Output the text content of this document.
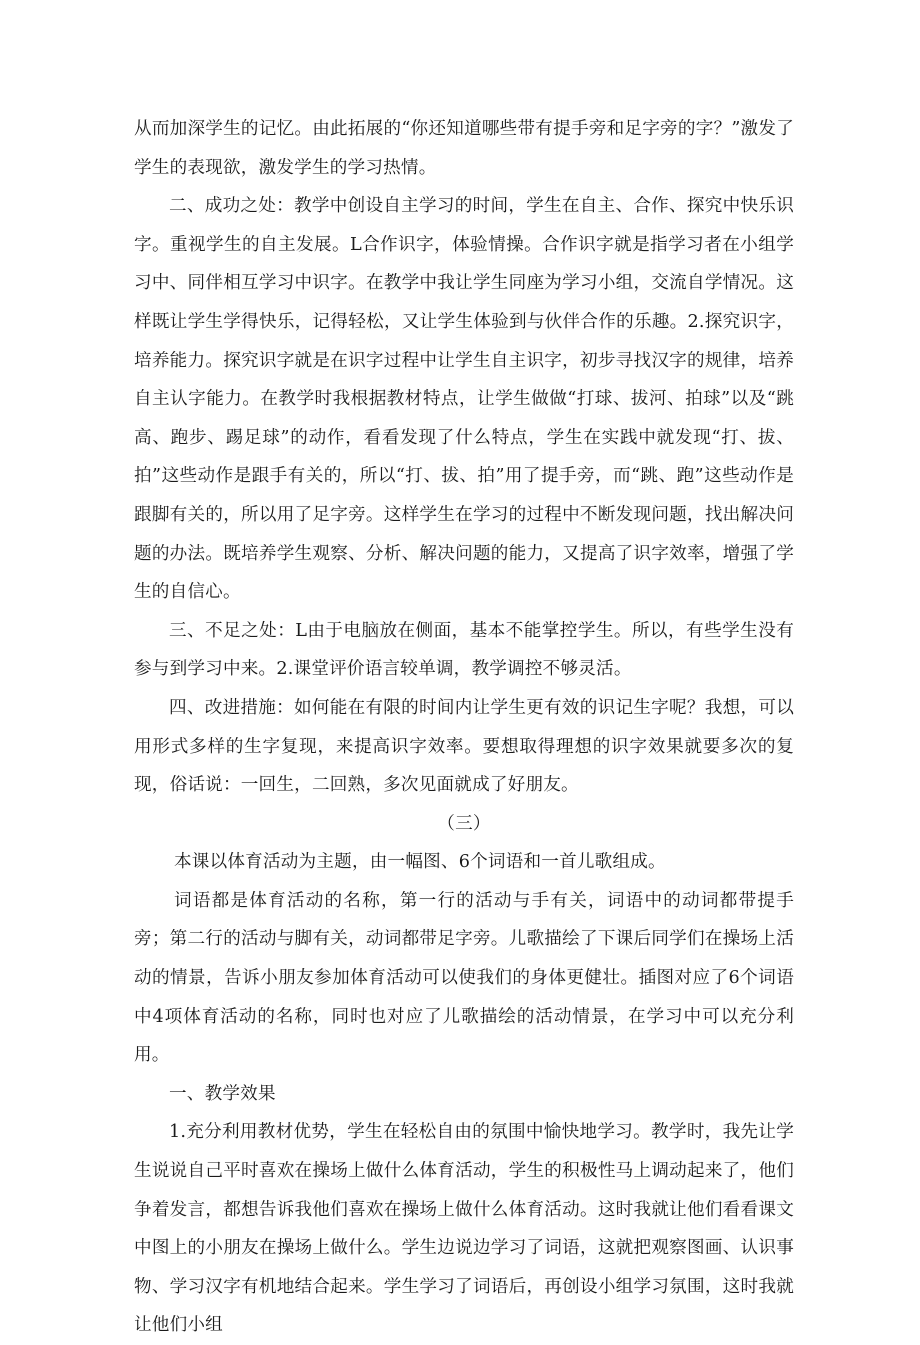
从而加深学生的记忆。由此拓展的“你还知道哪些带有提手旁和足字旁的字？”激发了学生的表现欲，激发学生的学习热情。

二、成功之处：教学中创设自主学习的时间，学生在自主、合作、探究中快乐识字。重视学生的自主发展。L合作识字，体验情操。合作识字就是指学习者在小组学习中、同伴相互学习中识字。在教学中我让学生同座为学习小组，交流自学情况。这样既让学生学得快乐，记得轻松，又让学生体验到与伙伴合作的乐趣。2.探究识字，培养能力。探究识字就是在识字过程中让学生自主识字，初步寻找汉字的规律，培养自主认字能力。在教学时我根据教材特点，让学生做做“打球、拔河、拍球”以及“跳高、跑步、踢足球”的动作，看看发现了什么特点，学生在实践中就发现“打、拔、拍”这些动作是跟手有关的，所以“打、拔、拍”用了提手旁，而“跳、跑”这些动作是跟脚有关的，所以用了足字旁。这样学生在学习的过程中不断发现问题，找出解决问题的办法。既培养学生观察、分析、解决问题的能力，又提高了识字效率，增强了学生的自信心。

三、不足之处：L由于电脑放在侧面，基本不能掌控学生。所以，有些学生没有参与到学习中来。2.课堂评价语言较单调，教学调控不够灵活。

四、改进措施：如何能在有限的时间内让学生更有效的识记生字呢？我想，可以用形式多样的生字复现，来提高识字效率。要想取得理想的识字效果就要多次的复现，俗话说：一回生，二回熟，多次见面就成了好朋友。

（三）

本课以体育活动为主题，由一幅图、6个词语和一首儿歌组成。

词语都是体育活动的名称，第一行的活动与手有关，词语中的动词都带提手旁；第二行的活动与脚有关，动词都带足字旁。儿歌描绘了下课后同学们在操场上活动的情景，告诉小朋友参加体育活动可以使我们的身体更健壮。插图对应了6个词语中4项体育活动的名称，同时也对应了儿歌描绘的活动情景，在学习中可以充分利用。

一、教学效果

1.充分利用教材优势，学生在轻松自由的氛围中愉快地学习。教学时，我先让学生说说自己平时喜欢在操场上做什么体育活动，学生的积极性马上调动起来了，他们争着发言，都想告诉我他们喜欢在操场上做什么体育活动。这时我就让他们看看课文中图上的小朋友在操场上做什么。学生边说边学习了词语，这就把观察图画、认识事物、学习汉字有机地结合起来。学生学习了词语后，再创设小组学习氛围，这时我就让他们小组
